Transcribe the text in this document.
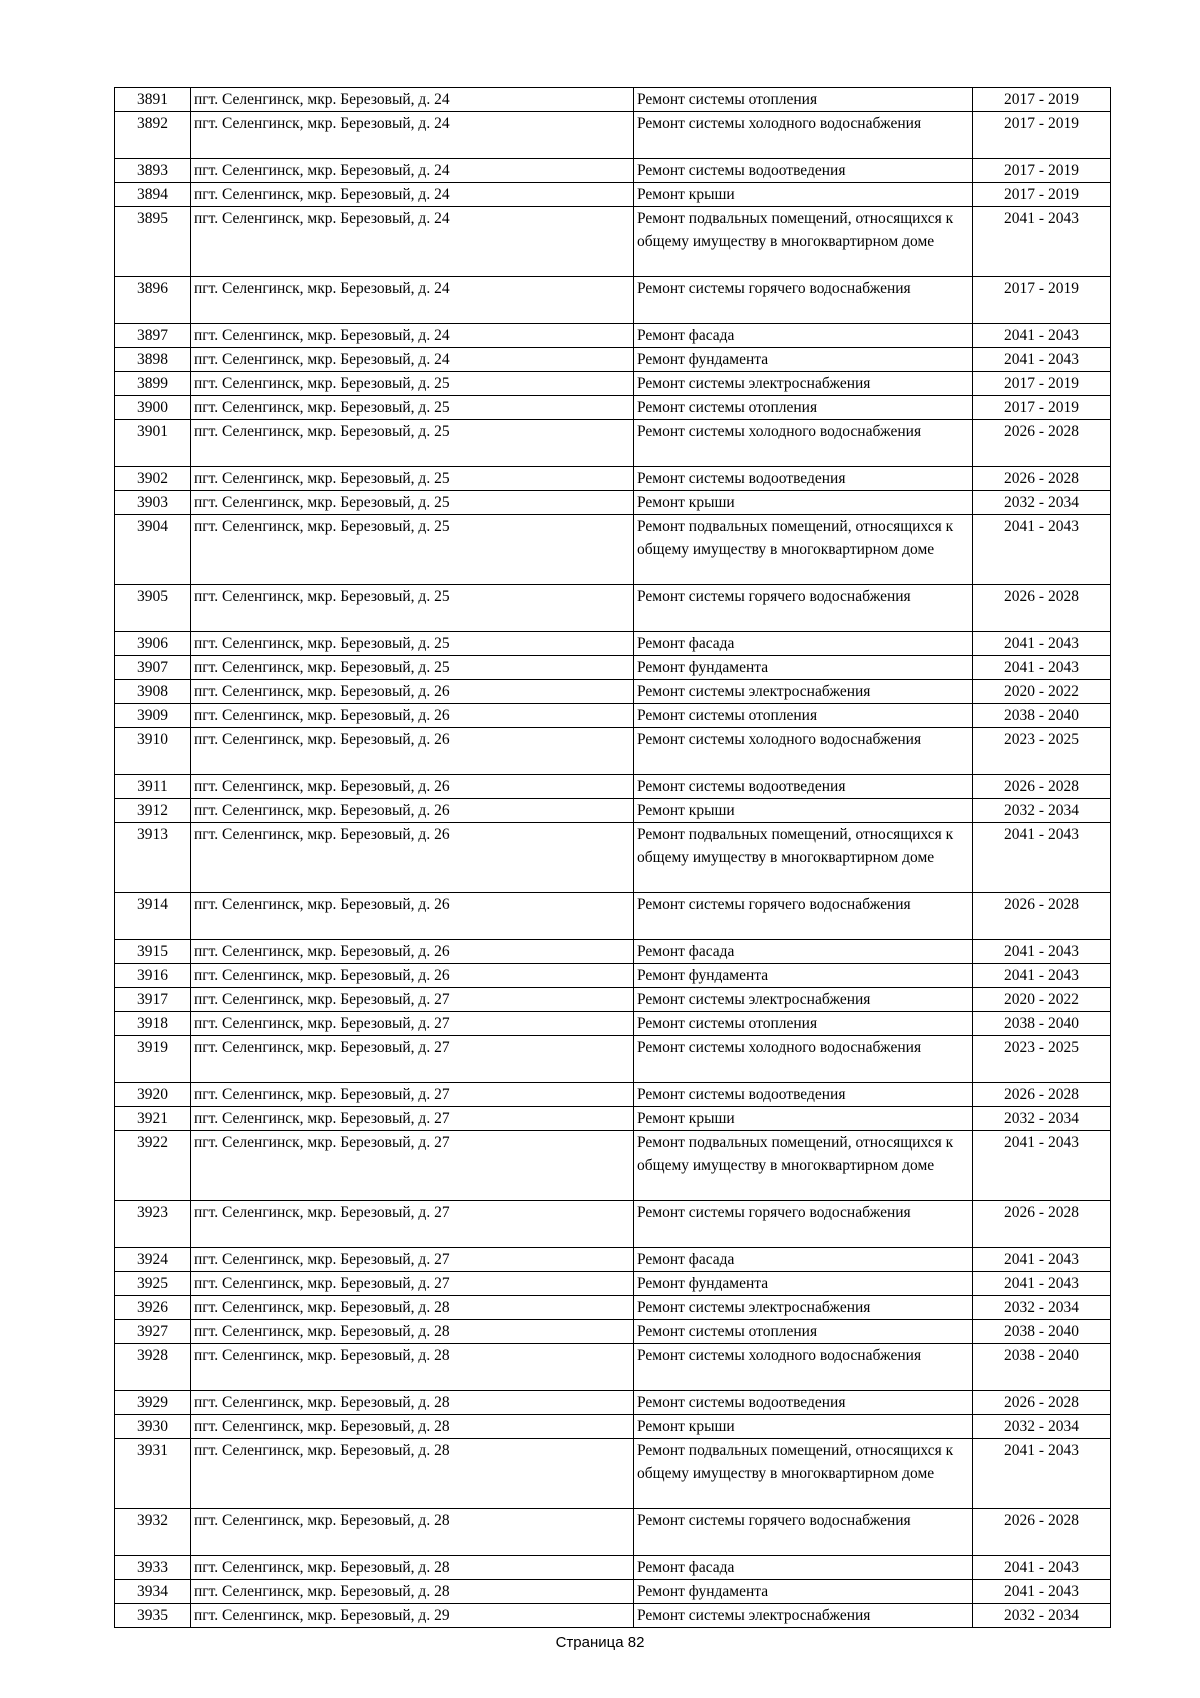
3891	пгт. Селенгинск, мкр. Березовый, д. 24	Ремонт системы отопления	2017 - 2019
3892	пгт. Селенгинск, мкр. Березовый, д. 24	Ремонт системы холодного водоснабжения	2017 - 2019
3893	пгт. Селенгинск, мкр. Березовый, д. 24	Ремонт системы водоотведения	2017 - 2019
3894	пгт. Селенгинск, мкр. Березовый, д. 24	Ремонт крыши	2017 - 2019
3895	пгт. Селенгинск, мкр. Березовый, д. 24	Ремонт подвальных помещений, относящихся к общему имуществу в многоквартирном доме	2041 - 2043
3896	пгт. Селенгинск, мкр. Березовый, д. 24	Ремонт системы горячего водоснабжения	2017 - 2019
3897	пгт. Селенгинск, мкр. Березовый, д. 24	Ремонт фасада	2041 - 2043
3898	пгт. Селенгинск, мкр. Березовый, д. 24	Ремонт фундамента	2041 - 2043
3899	пгт. Селенгинск, мкр. Березовый, д. 25	Ремонт системы электроснабжения	2017 - 2019
3900	пгт. Селенгинск, мкр. Березовый, д. 25	Ремонт системы отопления	2017 - 2019
3901	пгт. Селенгинск, мкр. Березовый, д. 25	Ремонт системы холодного водоснабжения	2026 - 2028
3902	пгт. Селенгинск, мкр. Березовый, д. 25	Ремонт системы водоотведения	2026 - 2028
3903	пгт. Селенгинск, мкр. Березовый, д. 25	Ремонт крыши	2032 - 2034
3904	пгт. Селенгинск, мкр. Березовый, д. 25	Ремонт подвальных помещений, относящихся к общему имуществу в многоквартирном доме	2041 - 2043
3905	пгт. Селенгинск, мкр. Березовый, д. 25	Ремонт системы горячего водоснабжения	2026 - 2028
3906	пгт. Селенгинск, мкр. Березовый, д. 25	Ремонт фасада	2041 - 2043
3907	пгт. Селенгинск, мкр. Березовый, д. 25	Ремонт фундамента	2041 - 2043
3908	пгт. Селенгинск, мкр. Березовый, д. 26	Ремонт системы электроснабжения	2020 - 2022
3909	пгт. Селенгинск, мкр. Березовый, д. 26	Ремонт системы отопления	2038 - 2040
3910	пгт. Селенгинск, мкр. Березовый, д. 26	Ремонт системы холодного водоснабжения	2023 - 2025
3911	пгт. Селенгинск, мкр. Березовый, д. 26	Ремонт системы водоотведения	2026 - 2028
3912	пгт. Селенгинск, мкр. Березовый, д. 26	Ремонт крыши	2032 - 2034
3913	пгт. Селенгинск, мкр. Березовый, д. 26	Ремонт подвальных помещений, относящихся к общему имуществу в многоквартирном доме	2041 - 2043
3914	пгт. Селенгинск, мкр. Березовый, д. 26	Ремонт системы горячего водоснабжения	2026 - 2028
3915	пгт. Селенгинск, мкр. Березовый, д. 26	Ремонт фасада	2041 - 2043
3916	пгт. Селенгинск, мкр. Березовый, д. 26	Ремонт фундамента	2041 - 2043
3917	пгт. Селенгинск, мкр. Березовый, д. 27	Ремонт системы электроснабжения	2020 - 2022
3918	пгт. Селенгинск, мкр. Березовый, д. 27	Ремонт системы отопления	2038 - 2040
3919	пгт. Селенгинск, мкр. Березовый, д. 27	Ремонт системы холодного водоснабжения	2023 - 2025
3920	пгт. Селенгинск, мкр. Березовый, д. 27	Ремонт системы водоотведения	2026 - 2028
3921	пгт. Селенгинск, мкр. Березовый, д. 27	Ремонт крыши	2032 - 2034
3922	пгт. Селенгинск, мкр. Березовый, д. 27	Ремонт подвальных помещений, относящихся к общему имуществу в многоквартирном доме	2041 - 2043
3923	пгт. Селенгинск, мкр. Березовый, д. 27	Ремонт системы горячего водоснабжения	2026 - 2028
3924	пгт. Селенгинск, мкр. Березовый, д. 27	Ремонт фасада	2041 - 2043
3925	пгт. Селенгинск, мкр. Березовый, д. 27	Ремонт фундамента	2041 - 2043
3926	пгт. Селенгинск, мкр. Березовый, д. 28	Ремонт системы электроснабжения	2032 - 2034
3927	пгт. Селенгинск, мкр. Березовый, д. 28	Ремонт системы отопления	2038 - 2040
3928	пгт. Селенгинск, мкр. Березовый, д. 28	Ремонт системы холодного водоснабжения	2038 - 2040
3929	пгт. Селенгинск, мкр. Березовый, д. 28	Ремонт системы водоотведения	2026 - 2028
3930	пгт. Селенгинск, мкр. Березовый, д. 28	Ремонт крыши	2032 - 2034
3931	пгт. Селенгинск, мкр. Березовый, д. 28	Ремонт подвальных помещений, относящихся к общему имуществу в многоквартирном доме	2041 - 2043
3932	пгт. Селенгинск, мкр. Березовый, д. 28	Ремонт системы горячего водоснабжения	2026 - 2028
3933	пгт. Селенгинск, мкр. Березовый, д. 28	Ремонт фасада	2041 - 2043
3934	пгт. Селенгинск, мкр. Березовый, д. 28	Ремонт фундамента	2041 - 2043
3935	пгт. Селенгинск, мкр. Березовый, д. 29	Ремонт системы электроснабжения	2032 - 2034
Страница 82
